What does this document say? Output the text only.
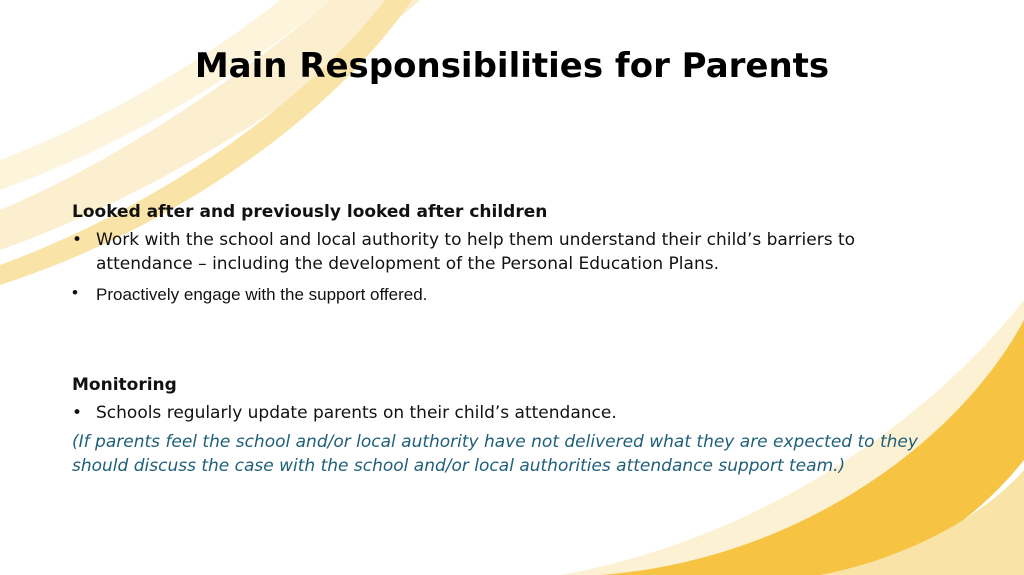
Main Responsibilities for Parents

Looked after and previously looked after children

• Work with the school and local authority to help them understand their child’s barriers to attendance – including the development of the Personal Education Plans.
• Proactively engage with the support offered.

Monitoring

• Schools regularly update parents on their child’s attendance.

(If parents feel the school and/or local authority have not delivered what they are expected to they should discuss the case with the school and/or local authorities attendance support team.)
